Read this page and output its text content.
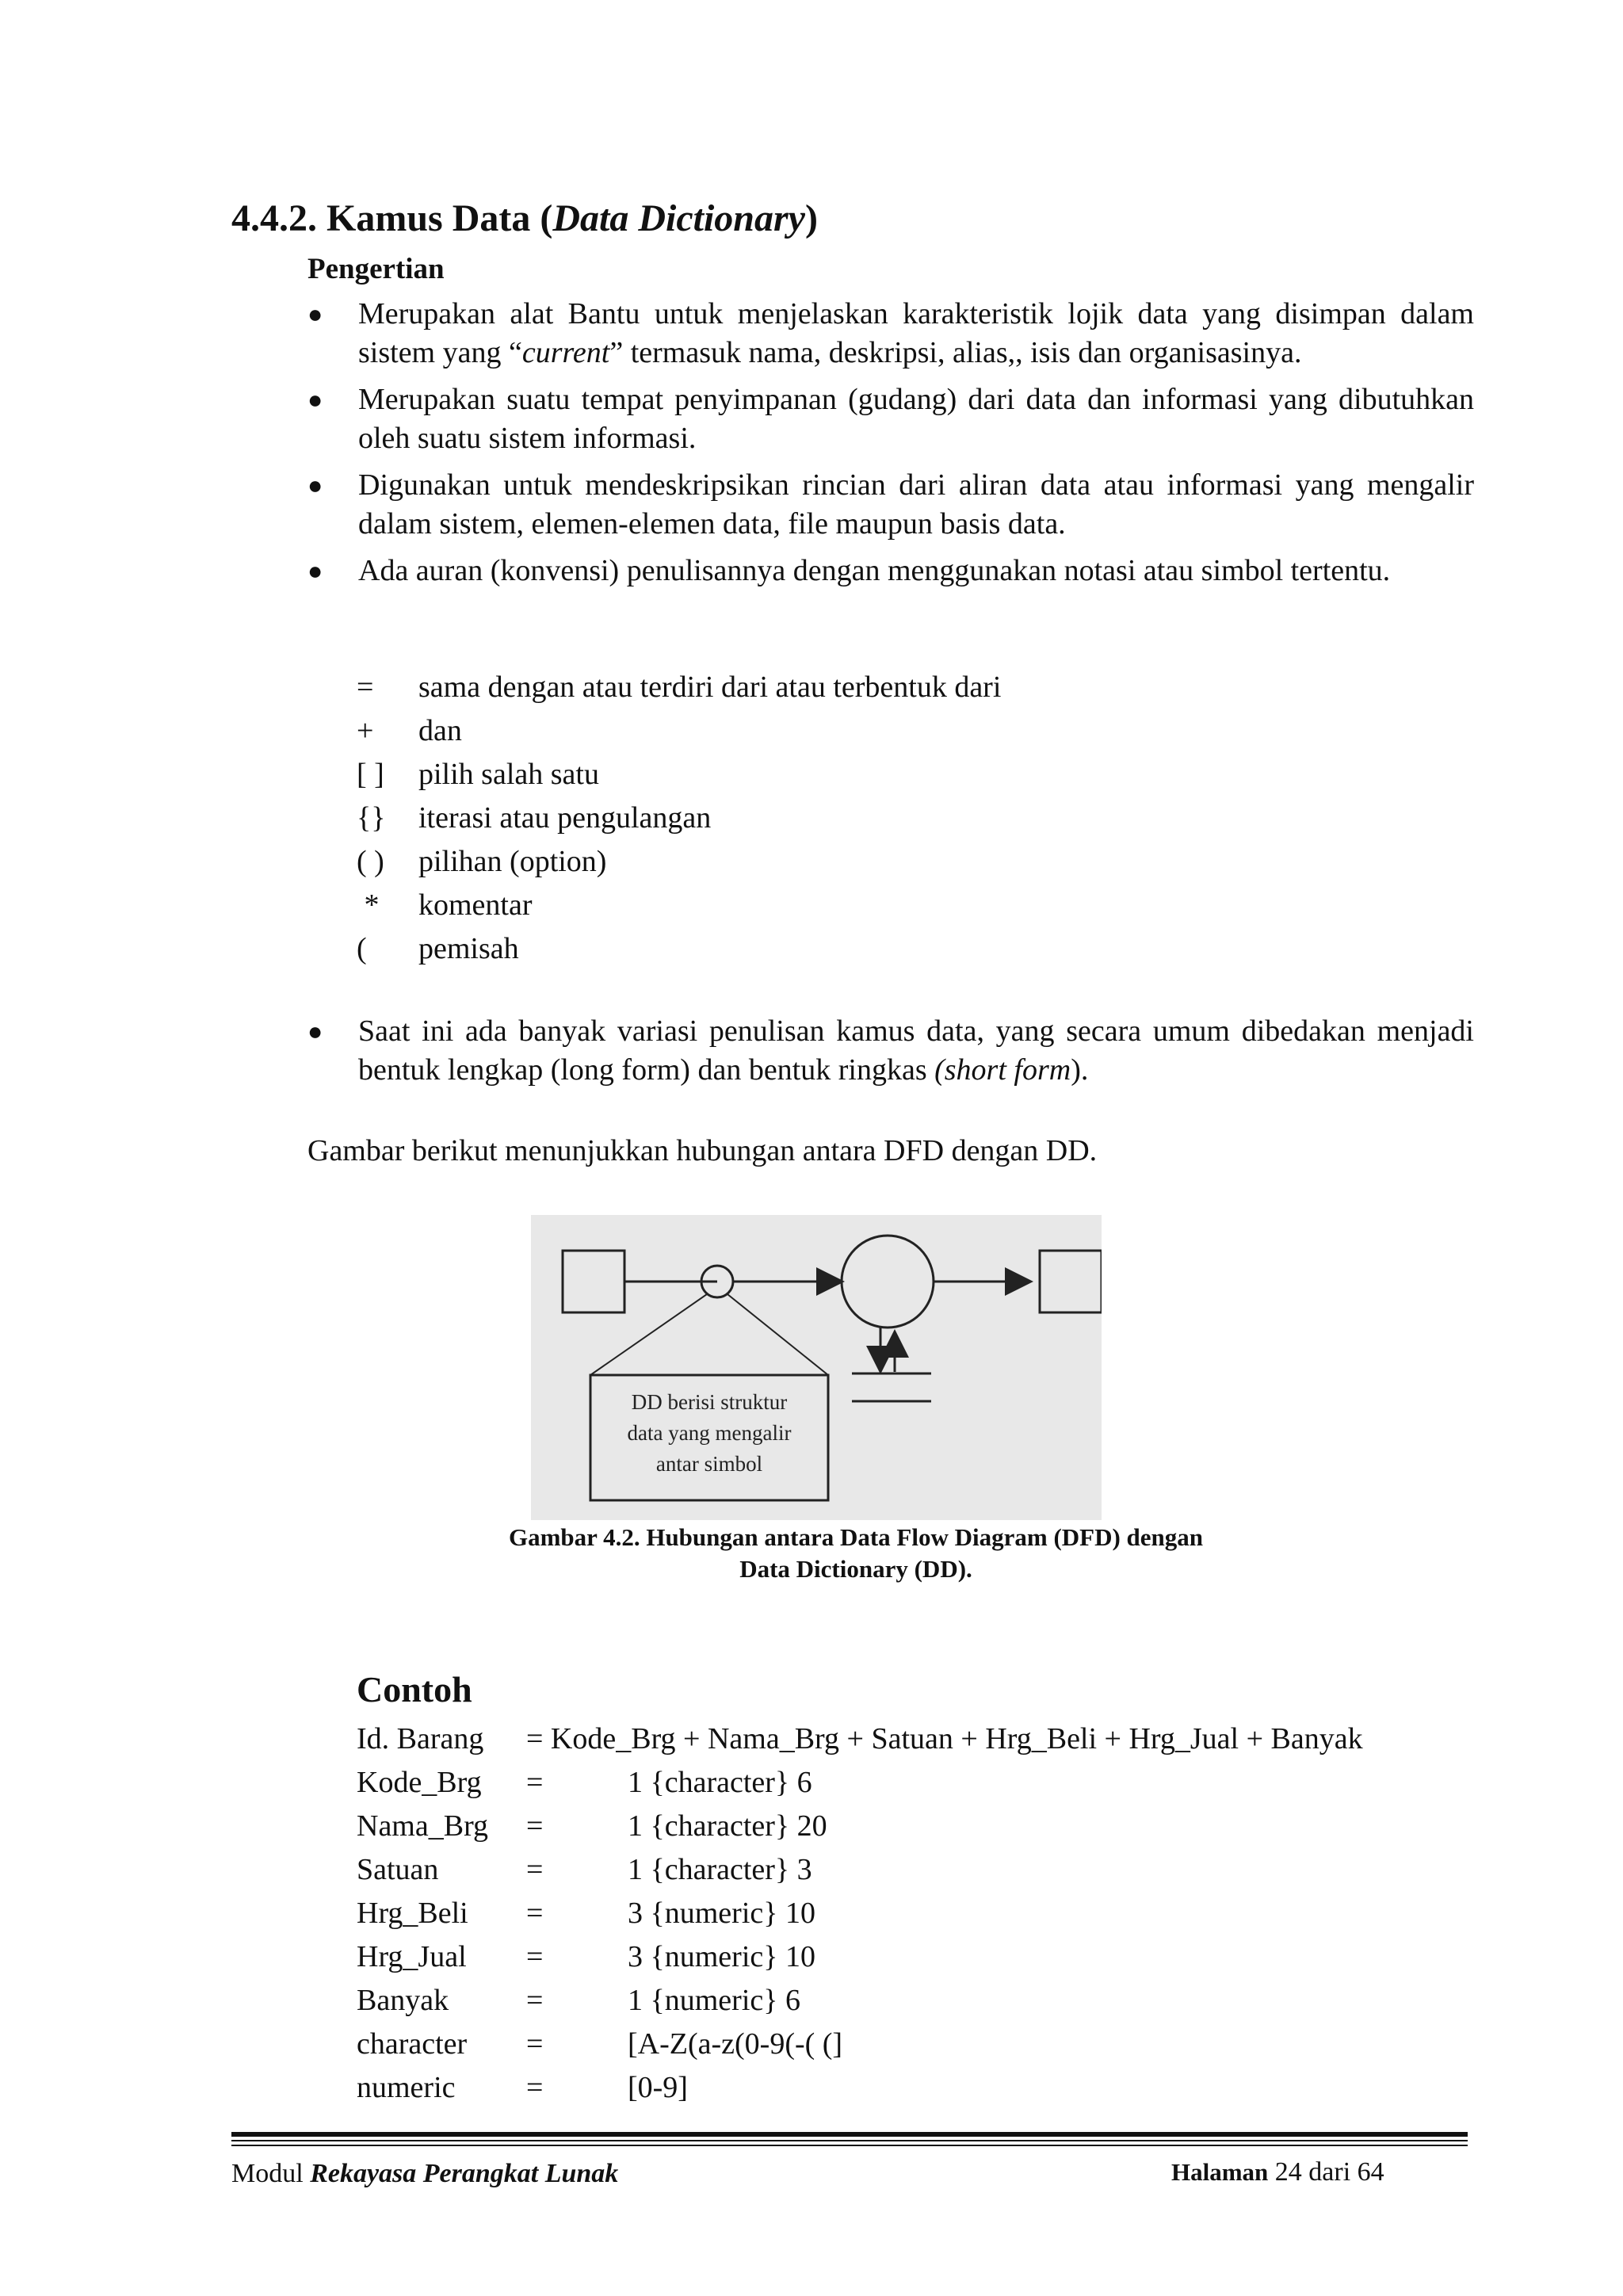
4.4.2. Kamus Data (Data Dictionary)
Pengertian
● Merupakan alat Bantu untuk menjelaskan karakteristik lojik data yang disimpan dalam sistem yang “current” termasuk nama, deskripsi, alias,, isis dan organisasinya.
● Merupakan suatu tempat penyimpanan (gudang) dari data dan informasi yang dibutuhkan oleh suatu sistem informasi.
● Digunakan untuk mendeskripsikan rincian dari aliran data atau informasi yang mengalir dalam sistem, elemen-elemen data, file maupun basis data.
● Ada auran (konvensi) penulisannya dengan menggunakan notasi atau simbol tertentu.
=	sama dengan atau terdiri dari atau terbentuk dari
+	dan
[ ]	pilih salah satu
{}	iterasi atau pengulangan
( )	pilihan (option)
*	komentar
(	pemisah
● Saat ini ada banyak variasi penulisan kamus data, yang secara umum dibedakan menjadi bentuk lengkap (long form) dan bentuk ringkas (short form).
Gambar berikut menunjukkan hubungan antara DFD dengan DD.
DD berisi struktur
data yang mengalir
antar simbol
Gambar 4.2. Hubungan antara Data Flow Diagram (DFD) dengan
Data Dictionary (DD).
Contoh
Id. Barang	= Kode_Brg + Nama_Brg + Satuan + Hrg_Beli + Hrg_Jual + Banyak
Kode_Brg	=	1 {character} 6
Nama_Brg	=	1 {character} 20
Satuan	=	1 {character} 3
Hrg_Beli	=	3 {numeric} 10
Hrg_Jual	=	3 {numeric} 10
Banyak	=	1 {numeric} 6
character	=	[A-Z(a-z(0-9(-( (]
numeric	=	[0-9]
Modul Rekayasa Perangkat Lunak	Halaman 24 dari 64
